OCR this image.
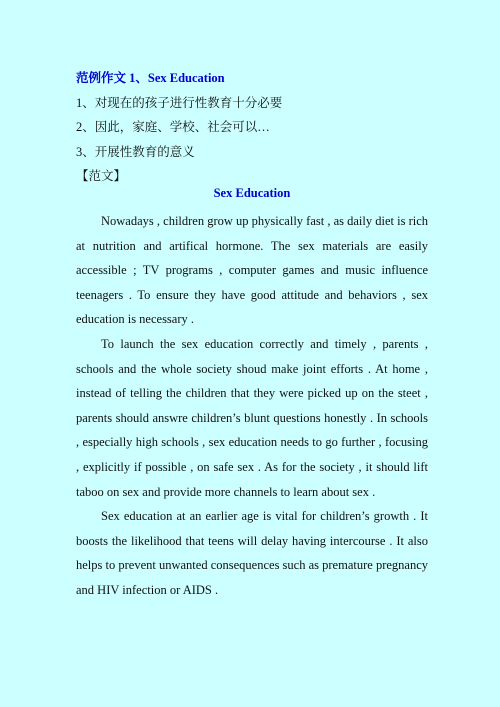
范例作文 1、Sex Education
1、对现在的孩子进行性教育十分必要
2、因此，家庭、学校、社会可以…
3、开展性教育的意义
【范文】
Sex Education

Nowadays , children grow up physically fast , as daily diet is rich at nutrition and artifical hormone. The sex materials are easily accessible ; TV programs , computer games and music influence teenagers . To ensure they have good attitude and behaviors , sex education is necessary .

To launch the sex education correctly and timely , parents , schools and the whole society shoud make joint efforts . At home , instead of telling the children that they were picked up on the steet , parents should answre children’s blunt questions honestly . In schools , especially high schools , sex education needs to go further , focusing , explicitly if possible , on safe sex . As for the society , it should lift taboo on sex and provide more channels to learn about sex .

Sex education at an earlier age is vital for children’s growth . It boosts the likelihood that teens will delay having intercourse . It also helps to prevent unwanted consequences such as premature pregnancy and HIV infection or AIDS .
